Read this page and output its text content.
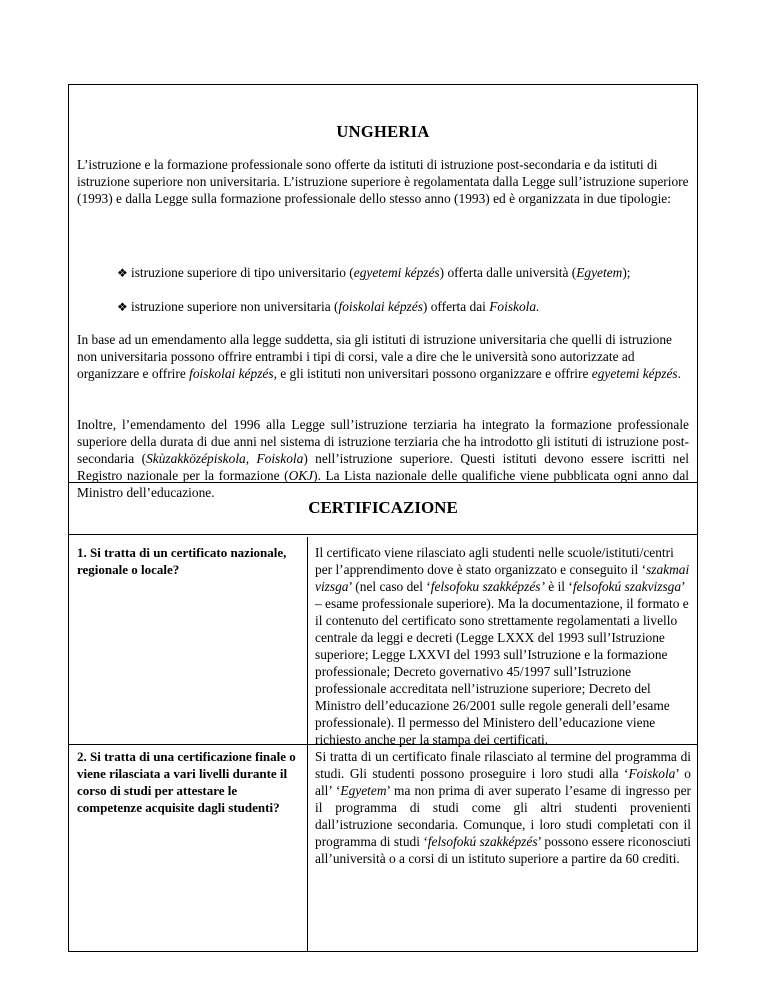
UNGHERIA

L’istruzione e la formazione professionale sono offerte da istituti di istruzione post-secondaria e da istituti di istruzione superiore non universitaria. L’istruzione superiore è regolamentata dalla Legge sull’istruzione superiore (1993) e dalla Legge sulla formazione professionale dello stesso anno (1993) ed è organizzata in due tipologie:

❖ istruzione superiore di tipo universitario (egyetemi képzés) offerta dalle università (Egyetem);

❖ istruzione superiore non universitaria (foiskolai képzés) offerta dai Foiskola.

In base ad un emendamento alla legge suddetta, sia gli istituti di istruzione universitaria che quelli di istruzione non universitaria possono offrire entrambi i tipi di corsi, vale a dire che le università sono autorizzate ad organizzare e offrire foiskolai képzés, e gli istituti non universitari possono organizzare e offrire egyetemi képzés.

Inoltre, l’emendamento del 1996 alla Legge sull’istruzione terziaria ha integrato la formazione professionale superiore della durata di due anni nel sistema di istruzione terziaria che ha introdotto gli istituti di istruzione post-secondaria (Skùzakközépiskola, Foiskola) nell’istruzione superiore. Questi istituti devono essere iscritti nel Registro nazionale per la formazione (OKJ). La Lista nazionale delle qualifiche viene pubblicata ogni anno dal Ministro dell’educazione.

CERTIFICAZIONE

1. Si tratta di un certificato nazionale, regionale o locale?

Il certificato viene rilasciato agli studenti nelle scuole/istituti/centri per l’apprendimento dove è stato organizzato e conseguito il ‘szakmai vizsga’ (nel caso del ‘felsofoku szakképzés’ è il ‘felsofokú szakvizsga’ – esame professionale superiore). Ma la documentazione, il formato e il contenuto del certificato sono strettamente regolamentati a livello centrale da leggi e decreti (Legge LXXX del 1993 sull’Istruzione superiore; Legge LXXVI del 1993 sull’Istruzione e la formazione professionale; Decreto governativo 45/1997 sull’Istruzione professionale accreditata nell’istruzione superiore; Decreto del Ministro dell’educazione 26/2001 sulle regole generali dell’esame professionale). Il permesso del Ministero dell’educazione viene richiesto anche per la stampa dei certificati.

2. Si tratta di una certificazione finale o viene rilasciata a vari livelli durante il corso di studi per attestare le competenze acquisite dagli studenti?

Si tratta di un certificato finale rilasciato al termine del programma di studi. Gli studenti possono proseguire i loro studi alla ‘Foiskola’ o all’ ‘Egyetem’ ma non prima di aver superato l’esame di ingresso per il programma di studi come gli altri studenti provenienti dall’istruzione secondaria. Comunque, i loro studi completati con il programma di studi ‘felsofokú szakképzés’ possono essere riconosciuti all’università o a corsi di un istituto superiore a partire da 60 crediti.
